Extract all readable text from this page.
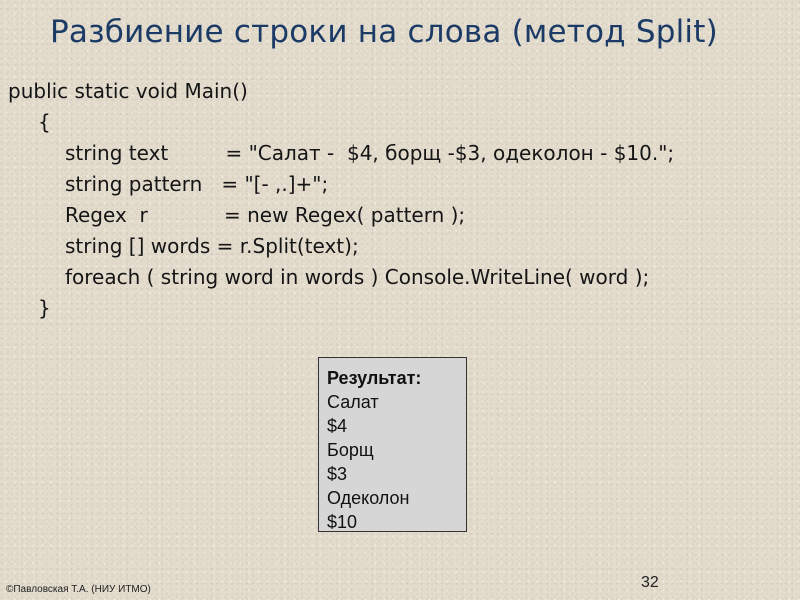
Разбиение строки на слова (метод Split)
public static void Main()
{
string text         = "Салат -  $4, борщ -$3, одеколон - $10.";
string pattern   = "[- ,.]+";
Regex  r            = new Regex( pattern );
string [] words = r.Split(text);
foreach ( string word in words ) Console.WriteLine( word );
}
Результат:
Салат
$4
Борщ
$3
Одеколон
$10
©Павловская Т.А. (НИУ ИТМО)	32
